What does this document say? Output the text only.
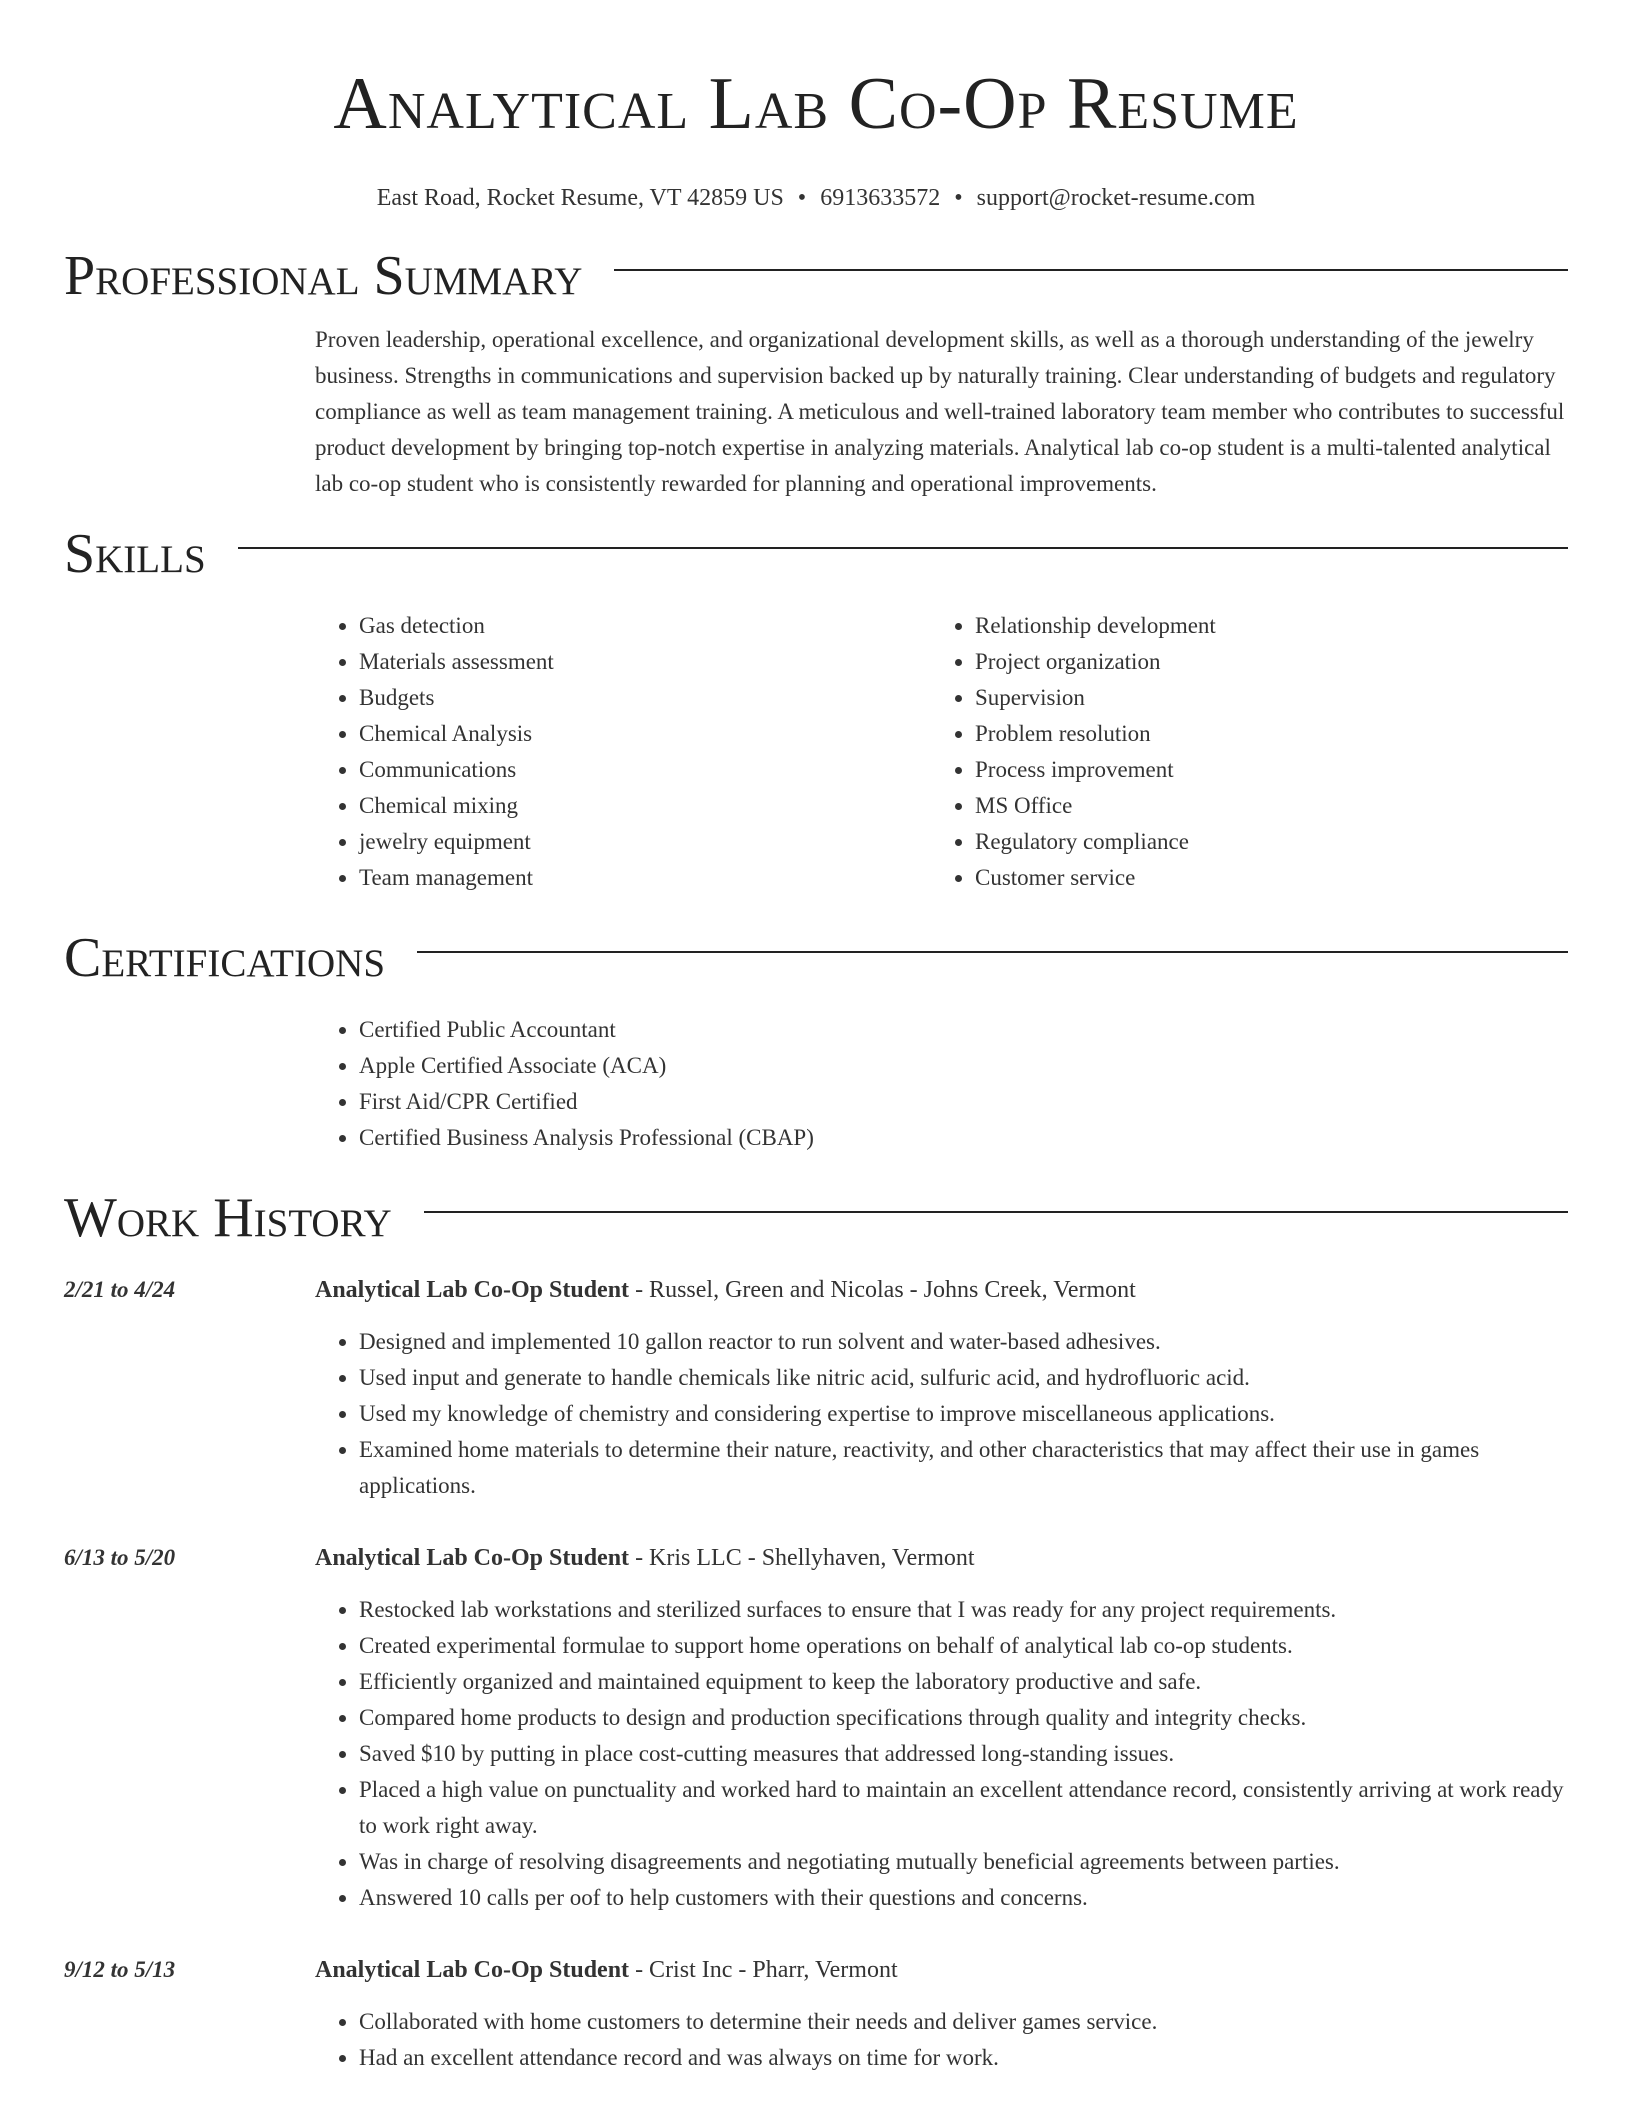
Analytical Lab Co-Op Resume
East Road, Rocket Resume, VT 42859 US • 6913633572 • support@rocket-resume.com
Professional Summary

Proven leadership, operational excellence, and organizational development skills, as well as a thorough understanding of the jewelry business. Strengths in communications and supervision backed up by naturally training. Clear understanding of budgets and regulatory compliance as well as team management training. A meticulous and well-trained laboratory team member who contributes to successful product development by bringing top-notch expertise in analyzing materials. Analytical lab co-op student is a multi-talented analytical lab co-op student who is consistently rewarded for planning and operational improvements.

Skills
• Gas detection
• Materials assessment
• Budgets
• Chemical Analysis
• Communications
• Chemical mixing
• jewelry equipment
• Team management
• Relationship development
• Project organization
• Supervision
• Problem resolution
• Process improvement
• MS Office
• Regulatory compliance
• Customer service
Certifications
• Certified Public Accountant
• Apple Certified Associate (ACA)
• First Aid/CPR Certified
• Certified Business Analysis Professional (CBAP)
Work History
2/21 to 4/24	Analytical Lab Co-Op Student - Russel, Green and Nicolas - Johns Creek, Vermont
• Designed and implemented 10 gallon reactor to run solvent and water-based adhesives.
• Used input and generate to handle chemicals like nitric acid, sulfuric acid, and hydrofluoric acid.
• Used my knowledge of chemistry and considering expertise to improve miscellaneous applications.
• Examined home materials to determine their nature, reactivity, and other characteristics that may affect their use in games applications.
6/13 to 5/20	Analytical Lab Co-Op Student - Kris LLC - Shellyhaven, Vermont
• Restocked lab workstations and sterilized surfaces to ensure that I was ready for any project requirements.
• Created experimental formulae to support home operations on behalf of analytical lab co-op students.
• Efficiently organized and maintained equipment to keep the laboratory productive and safe.
• Compared home products to design and production specifications through quality and integrity checks.
• Saved $10 by putting in place cost-cutting measures that addressed long-standing issues.
• Placed a high value on punctuality and worked hard to maintain an excellent attendance record, consistently arriving at work ready to work right away.
• Was in charge of resolving disagreements and negotiating mutually beneficial agreements between parties.
• Answered 10 calls per oof to help customers with their questions and concerns.
9/12 to 5/13	Analytical Lab Co-Op Student - Crist Inc - Pharr, Vermont
• Collaborated with home customers to determine their needs and deliver games service.
• Had an excellent attendance record and was always on time for work.
